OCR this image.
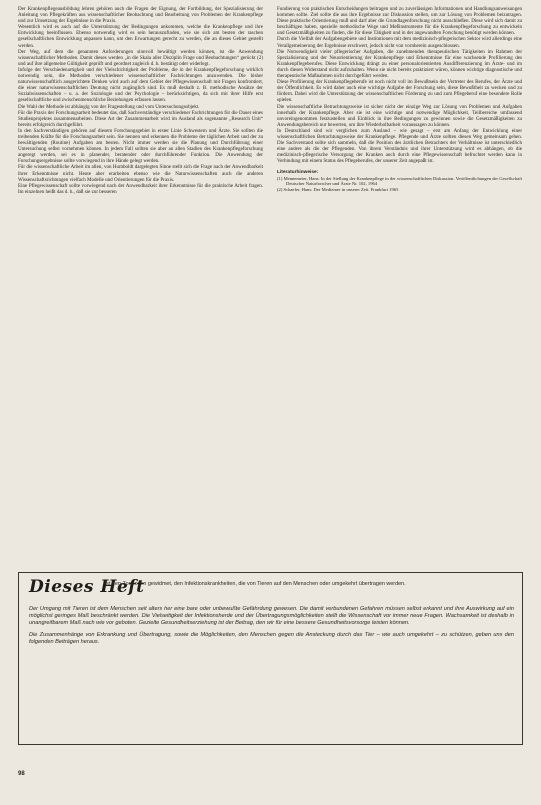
Der Krankenpflegeausbildung lehren gehören auch die Fragen der Eignung, der Fortbildung, der Spezialisierung der Anleitung von Pflegekräften aus wissenschaftlicher Beobachtung und Bearbeitung von Problemen der Krankenpflege und zur Umsetzung der Ergebnisse in die Praxis.

Wesentlich wird es auch auf die Unterstützung der Bedingungen ankommen, welche die Krankenpflege und ihre Entwicklung beeinflussen. Ebenso notwendig wird es sein herauszufinden, wie sie sich am besten der raschen gesellschaftlichen Entwicklung anpassen kann, um den Erwartungen gerecht zu werden, die an dieses Gebiet gestellt werden.

Der Weg, auf dem die genannten Anforderungen sinnvoll bewältigt werden können, ist die Anwendung wissenschaftlicher Methoden. Damit dieses werden „in die Skala aller Disziplin Frage und Beobachtungen“ gerückt (2) und auf ihre allgemeine Gültigkeit geprüft und geordnet zugleich d. h. bestätigt oder widerlegt.

Infolge der Verschiedenartigkeit und der Vielschichtigkeit der Probleme, die in der Krankenpflegeforschung wirklich notwendig sein, die Methoden verschiedener wissenschaftlicher Fachrichtungen anzuwenden. Die bisher naturwissenschaftlich ausgerichtete Denken wird auch auf dem Gebiet der Pflegewissenschaft mit Fragen konfrontiert, die einer naturwissenschaftlichen Deutung nicht zugänglich sind. Es muß deshalb z. B. methodische Ansätze der Sozialwissenschaften – u. a. der Soziologie und der Psychologie – berücksichtigen, da sich mit ihrer Hilfe erst gesellschaftliche und zwischenmenschliche Beziehungen erfassen lassen.

Die Wahl der Methode ist abhängig von der Fragestellung und vom Untersuchungsobjekt.

Für die Praxis der Forschungsarbeit bedeutet das, daß Sachverständige verschiedener Fachrichtungen für die Dauer eines Studienprojektes zusammenarbeiten. Diese Art der Zusammenarbeit wird im Ausland als sogenannte „Research Unit“ bereits erfolgreich durchgeführt.

In den Sachverständigen gehören auf diesem Forschungsgebiet in erster Linie Schwestern und Ärzte. Sie sollten die treibenden Kräfte für die Forschungsarbeit sein. Sie nennen und erkennen die Probleme der täglichen Arbeit und der zu bewältigenden (Routine) Aufgaben am besten. Nicht immer werden sie die Planung und Durchführung einer Untersuchung selbst vornehmen können. In jedem Fall sollten sie aber an allen Stadien des Krankenpflegeforschung angeregt werden, sei es in planender, beratender oder durchführender Funktion. Die Anwendung der Forschungsergebnisse sollte vorwiegend in ihre Hände gelegt werden.

Für die wissenschaftliche Arbeit im allen, von Humboldt dargelegten Sinne stellt sich die Frage nach der Anwendbarkeit ihrer Erkenntnisse nicht. Heute aber erarbeiten ebenso wie die Naturwissenschaften auch die anderen Wissenschaftsrichtungen vielfach Modelle und Orientierungen für die Praxis.

Eine Pflegewissenschaft sollte vorwiegend nach der Anwendbarkeit ihrer Erkenntnisse für die praktische Arbeit fragen. Im einzelnen heißt das d. h., daß sie zur besseren

Fundierung von praktischen Entscheidungen beitragen und zu zuverlässigen Informationen und Handlungsanweisungen kommen sollte. Ziel sollte die aus ihre Ergebnisse zur Diskussion stellen, um zur Lösung von Problemen beizutragen. Diese praktische Orientierung muß und darf aber die Grundlagenforschung nicht ausschließen. Diese wird sich damit zu beschäftigen haben, spezielle methodische Wege und Meßinstrumente für die Krankenpflegeforschung zu entwickeln und Gesetzmäßigkeiten zu finden, die für diese Tätigkeit und in der angewandten Forschung benötigt werden können.

Durch die Vielfalt der Aufgabengebiete und Institutionen mit dem medizinisch-pflegerischen Sektor wird allerdings eine Verallgemeinerung der Ergebnisse erschwert, jedoch nicht von vornherein ausgeschlossen.

Die Notwendigkeit vieler pflegerischer Aufgaben, die zunehmenden therapeutischen Tätigkeiten im Rahmen der Spezialisierung und der Neuorientierung der Krankenpflege und Erkenntnisse für eine wachsende Profilierung des Krankenpflegeberufes. Diese Entwicklung drängt zu einer personalorientierten Ausdifferenzierung im Ärzte- und im durch diesen Widerstand nicht aufzuhalten. Wenn sie nicht bereits praktiziert wären, können wichtige diagnostische und therapeutische Maßnahmen nicht durchgeführt werden.

Diese Profilierung der Krankenpflegeberufe ist noch nicht voll im Bewußtsein der Vertreter des Berufes, der Ärzte und der Öffentlichkeit. Es wird daher auch eine wichtige Aufgabe der Forschung sein, diese Bewußtheit zu wecken und zu fördern. Dabei wird die Unterstützung der wissenschaftlichen Förderung zu und zum Pflegeberuf eine besondere Rolle spielen.

Die wissenschaftliche Betrachtungsweise ist sicher nicht der einzige Weg zur Lösung von Problemen und Aufgaben innerhalb der Krankenpflege. Aber sie ist eine wichtige und notwendige Möglichkeit, Teilbereiche umfassend unvoreingenommen festzustellen und Einblick in ihre Bedingungen zu gewinnen sowie die Gesetzmäßigkeiten zu Anwendungsbereich nur bewerten, um ihre Wiederholbarkeit voraussagen zu können.

In Deutschland sind wir verglichen zum Ausland – wie gesagt – erst am Anfang der Entwicklung einer wissenschaftlichen Betrachtungsweise der Krankenpflege. Pflegende und Ärzte sollten diesen Weg gemeinsam gehen. Die Sachverstand sollte sich sammeln, daß die Position des ärztlichen Betrachters der Verhältnisse ist unterschiedlich eine andere als die der Pflegenden. Von ihrem Verständnis und ihrer Unterstützung wird es abhängen, ob die medizinisch-pflegerische Versorgung der Kranken auch durch eine Pflegewissenschaft befruchtet werden kann in Verbindung mit einem Status des Pflegeberufes, der unserer Zeit angepaßt ist.

Literaturhinweise:
(1) Mennemeier, Hans: In der Stellung der Krankenpflege in der wissenschaftlichen Diskussion. Veröffentlichungen der Gesellschaft Deutscher Naturforscher und Ärzte Nr. 102, 1964
(2) Schaefer, Hans: Der Mediziner in unserer Zeit. Frankfurt 1965
Dieses Heft
ist den Zoonosen gewidmet, den Infektionskrankheiten, die von Tieren auf den Menschen oder umgekehrt übertragen werden.

Der Umgang mit Tieren ist dem Menschen seit alters her eine bare oder unbewußte Gefährdung gewesen. Die damit verbundenen Gefahren müssen selbst erkannt und ihre Auswirkung auf ein möglichst geringes Maß beschränkt werden. Die Vielseitigkeit der Infektionsherde und der Übertragungsmöglichkeiten stellt die Wissenschaft vor immer neue Fragen. Wachsamkeit ist deshalb in unangreifbarem Maß nach wie vor geboten. Gezielte Gesundheitserziehung ist der Beitrag, den wir für eine bessere Gesundheitsvorsorge leisten können.

Die Zusammenhänge von Erkrankung und Übertragung, sowie die Möglichkeiten, den Menschen gegen die Ansteckung durch das Tier – wie auch umgekehrt – zu schützen, geben uns den folgenden Beiträgen heraus.

98
